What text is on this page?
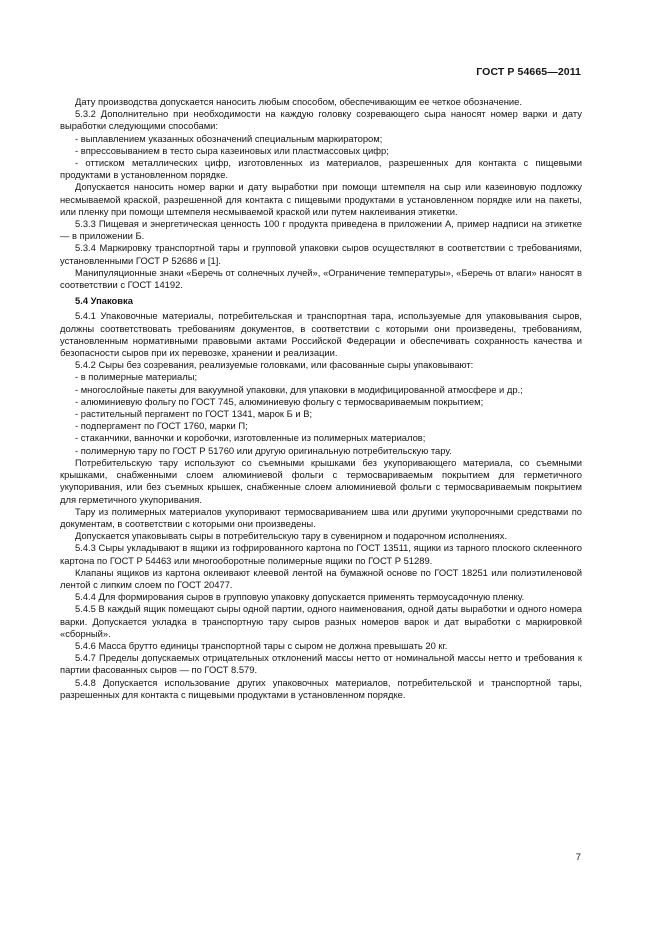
ГОСТ Р 54665—2011

Дату производства допускается наносить любым способом, обеспечивающим ее четкое обозначение.

5.3.2 Дополнительно при необходимости на каждую головку созревающего сыра наносят номер варки и дату выработки следующими способами:

- выплавлением указанных обозначений специальным маркиратором;

- впрессовыванием в тесто сыра казеиновых или пластмассовых цифр;

- оттиском металлических цифр, изготовленных из материалов, разрешенных для контакта с пищевыми продуктами в установленном порядке.

Допускается наносить номер варки и дату выработки при помощи штемпеля на сыр или казеиновую подложку несмываемой краской, разрешенной для контакта с пищевыми продуктами в установленном порядке или на пакеты, или пленку при помощи штемпеля несмываемой краской или путем наклеивания этикетки.

5.3.3 Пищевая и энергетическая ценность 100 г продукта приведена в приложении А, пример надписи на этикетке — в приложении Б.

5.3.4 Маркировку транспортной тары и групповой упаковки сыров осуществляют в соответствии с требованиями, установленными ГОСТ Р 52686 и [1].

Манипуляционные знаки «Беречь от солнечных лучей», «Ограничение температуры», «Беречь от влаги» наносят в соответствии с ГОСТ 14192.

5.4 Упаковка

5.4.1 Упаковочные материалы, потребительская и транспортная тара, используемые для упаковывания сыров, должны соответствовать требованиям документов, в соответствии с которыми они произведены, требованиям, установленным нормативными правовыми актами Российской Федерации и обеспечивать сохранность качества и безопасности сыров при их перевозке, хранении и реализации.

5.4.2 Сыры без созревания, реализуемые головками, или фасованные сыры упаковывают:

- в полимерные материалы;

- многослойные пакеты для вакуумной упаковки, для упаковки в модифицированной атмосфере и др.;

- алюминиевую фольгу по ГОСТ 745, алюминиевую фольгу с термосвариваемым покрытием;

- растительный пергамент по ГОСТ 1341, марок Б и В;

- подпергамент по ГОСТ 1760, марки П;

- стаканчики, ванночки и коробочки, изготовленные из полимерных материалов;

- полимерную тару по ГОСТ Р 51760 или другую оригинальную потребительскую тару.

Потребительскую тару используют со съемными крышками без укупоривающего материала, со съемными крышками, снабженными слоем алюминиевой фольги с термосвариваемым покрытием для герметичного укупоривания, или без съемных крышек, снабженные слоем алюминиевой фольги с термосвариваемым покрытием для герметичного укупоривания.

Тару из полимерных материалов укупоривают термосвариванием шва или другими укупорочными средствами по документам, в соответствии с которыми они произведены.

Допускается упаковывать сыры в потребительскую тару в сувенирном и подарочном исполнениях.

5.4.3 Сыры укладывают в ящики из гофрированного картона по ГОСТ 13511, ящики из тарного плоского склеенного картона по ГОСТ Р 54463 или многооборотные полимерные ящики по ГОСТ Р 51289.

Клапаны ящиков из картона оклеивают клеевой лентой на бумажной основе по ГОСТ 18251 или полиэтиленовой лентой с липким слоем по ГОСТ 20477.

5.4.4 Для формирования сыров в групповую упаковку допускается применять термоусадочную пленку.

5.4.5 В каждый ящик помещают сыры одной партии, одного наименования, одной даты выработки и одного номера варки. Допускается укладка в транспортную тару сыров разных номеров варок и дат выработки с маркировкой «сборный».

5.4.6 Масса брутто единицы транспортной тары с сыром не должна превышать 20 кг.

5.4.7 Пределы допускаемых отрицательных отклонений массы нетто от номинальной массы нетто и требования к партии фасованных сыров — по ГОСТ 8.579.

5.4.8 Допускается использование других упаковочных материалов, потребительской и транспортной тары, разрешенных для контакта с пищевыми продуктами в установленном порядке.

7
